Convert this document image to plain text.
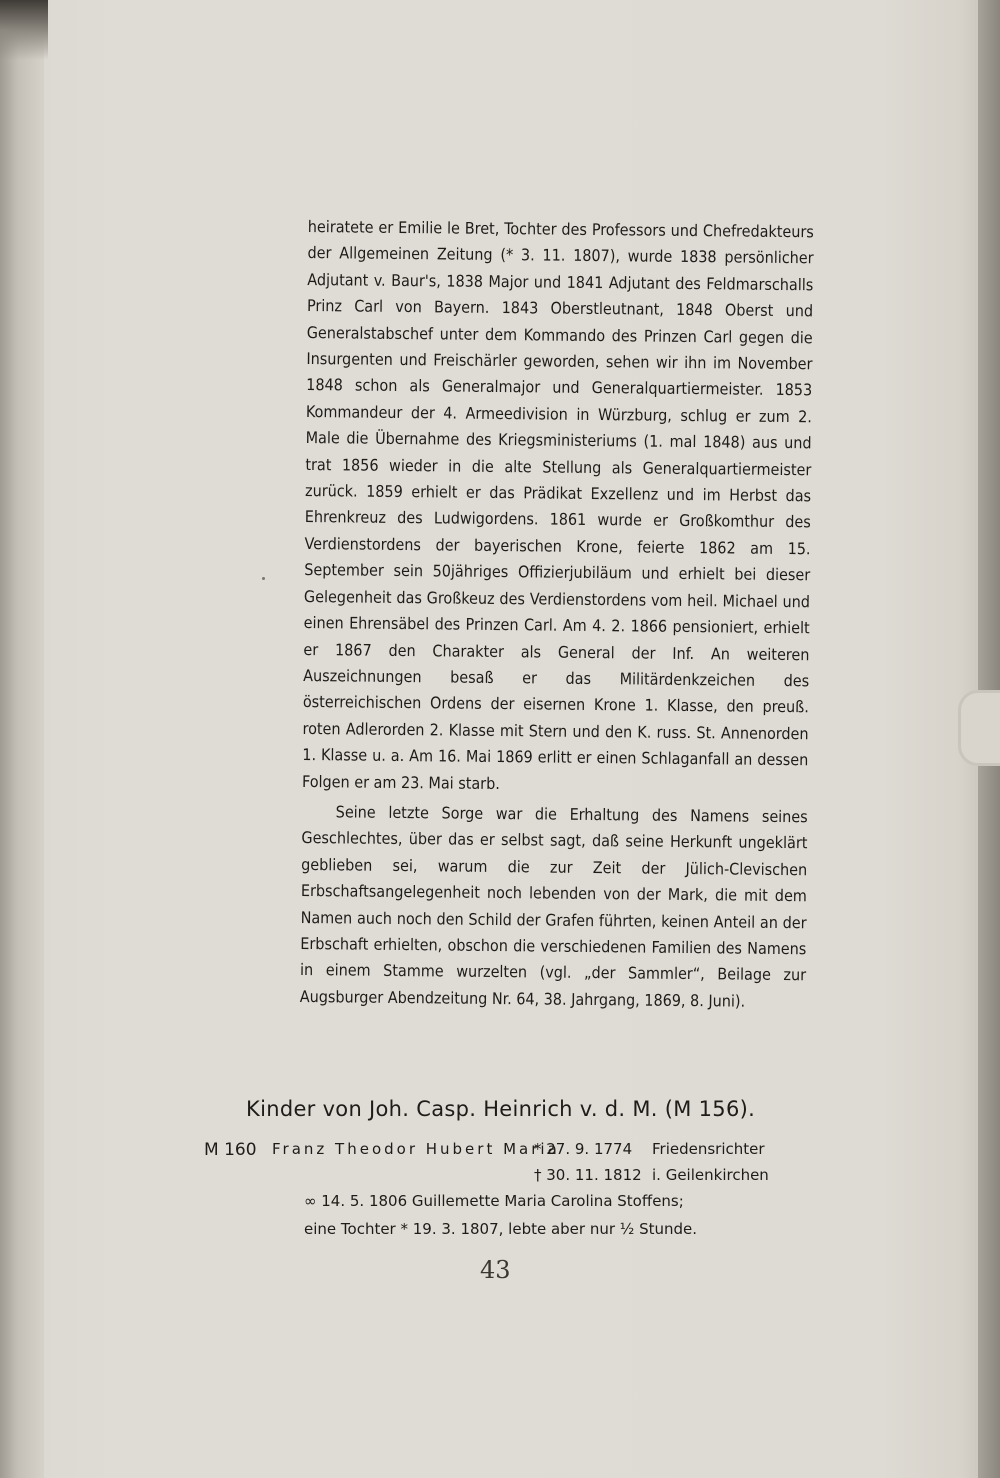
heiratete er Emilie le Bret, Tochter des Professors und Chefredakteurs der Allgemeinen Zeitung (* 3. 11. 1807), wurde 1838 persönlicher Adjutant v. Baur's, 1838 Major und 1841 Adjutant des Feldmarschalls Prinz Carl von Bayern. 1843 Oberstleutnant, 1848 Oberst und Generalstabschef unter dem Kommando des Prinzen Carl gegen die Insurgenten und Freischärler geworden, sehen wir ihn im November 1848 schon als Generalmajor und Generalquartiermeister. 1853 Kommandeur der 4. Armeedivision in Würzburg, schlug er zum 2. Male die Übernahme des Kriegsministeriums (1. mal 1848) aus und trat 1856 wieder in die alte Stellung als Generalquartiermeister zurück. 1859 erhielt er das Prädikat Exzellenz und im Herbst das Ehrenkreuz des Ludwigordens. 1861 wurde er Großkomthur des Verdienstordens der bayerischen Krone, feierte 1862 am 15. September sein 50jähriges Offizierjubiläum und erhielt bei dieser Gelegenheit das Großkeuz des Verdienstordens vom heil. Michael und einen Ehrensäbel des Prinzen Carl. Am 4. 2. 1866 pensioniert, erhielt er 1867 den Charakter als General der Inf. An weiteren Auszeichnungen besaß er das Militärdenkzeichen des österreichischen Ordens der eisernen Krone 1. Klasse, den preuß. roten Adlerorden 2. Klasse mit Stern und den K. russ. St. Annenorden 1. Klasse u. a. Am 16. Mai 1869 erlitt er einen Schlaganfall an dessen Folgen er am 23. Mai starb.

Seine letzte Sorge war die Erhaltung des Namens seines Geschlechtes, über das er selbst sagt, daß seine Herkunft ungeklärt geblieben sei, warum die zur Zeit der Jülich-Clevischen Erbschaftsangelegenheit noch lebenden von der Mark, die mit dem Namen auch noch den Schild der Grafen führten, keinen Anteil an der Erbschaft erhielten, obschon die verschiedenen Familien des Namens in einem Stamme wurzelten (vgl. „der Sammler“, Beilage zur Augsburger Abendzeitung Nr. 64, 38. Jahrgang, 1869, 8. Juni).

Kinder von Joh. Casp. Heinrich v. d. M. (M 156).
M 160 Franz Theodor Hubert Maria
* 27. 9. 1774 Friedensrichter
† 30. 11. 1812 i. Geilenkirchen
∞ 14. 5. 1806 Guillemette Maria Carolina Stoffens;
eine Tochter * 19. 3. 1807, lebte aber nur ½ Stunde.
43
